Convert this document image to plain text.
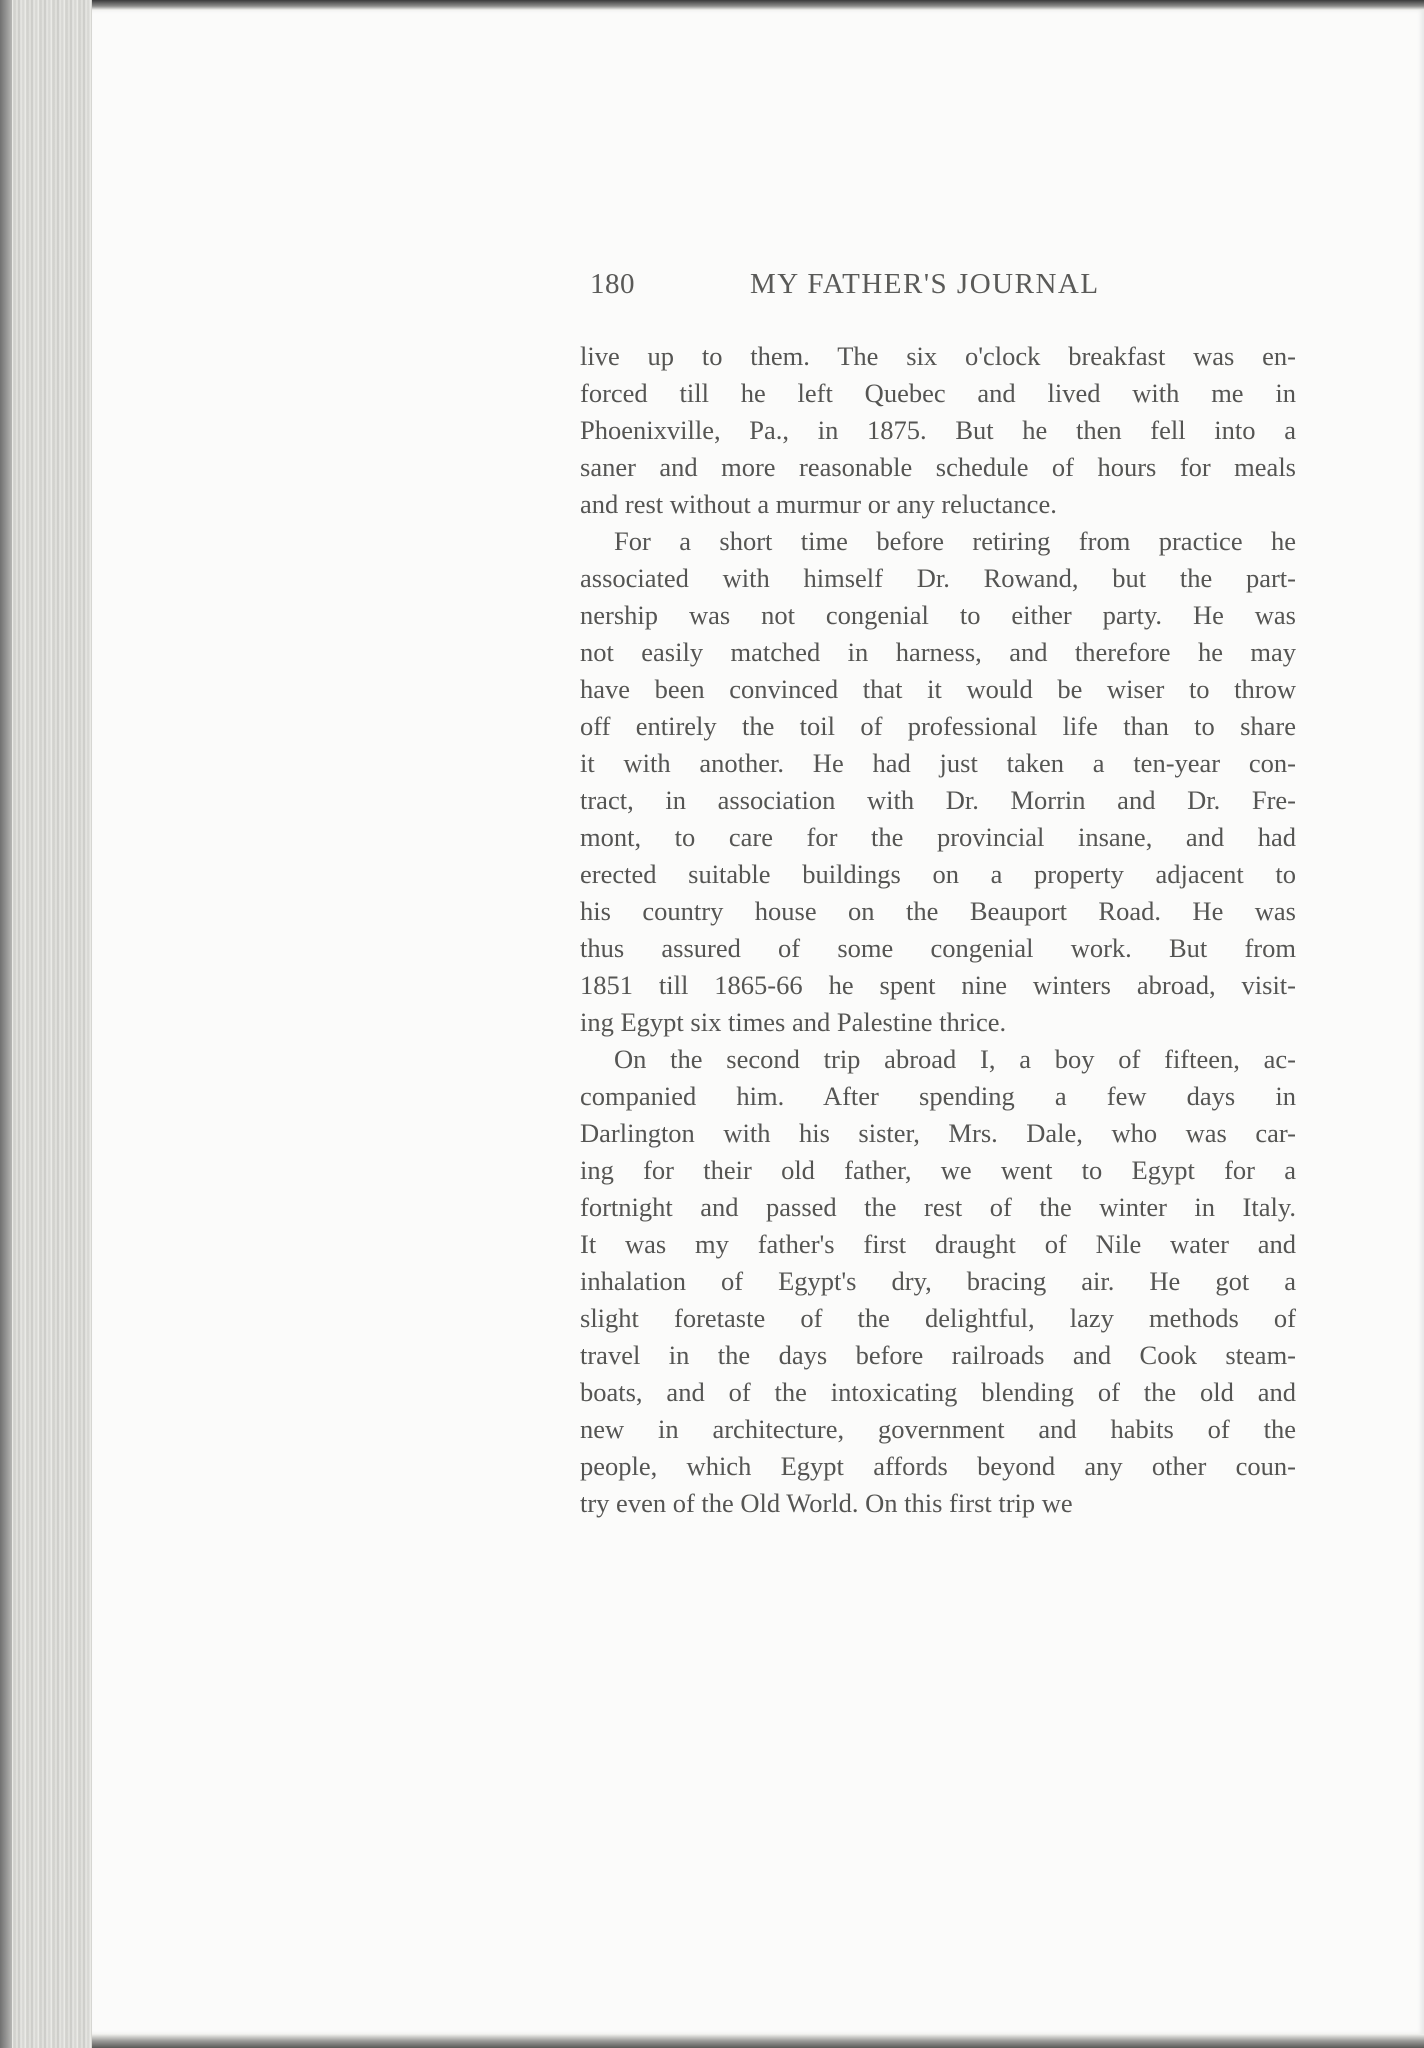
180	MY FATHER'S JOURNAL

live up to them. The six o'clock breakfast was en-
forced till he left Quebec and lived with me in
Phoenixville, Pa., in 1875. But he then fell into a
saner and more reasonable schedule of hours for meals
and rest without a murmur or any reluctance.

For a short time before retiring from practice he
associated with himself Dr. Rowand, but the part-
nership was not congenial to either party. He was
not easily matched in harness, and therefore he may
have been convinced that it would be wiser to throw
off entirely the toil of professional life than to share
it with another. He had just taken a ten-year con-
tract, in association with Dr. Morrin and Dr. Fre-
mont, to care for the provincial insane, and had
erected suitable buildings on a property adjacent to
his country house on the Beauport Road. He was
thus assured of some congenial work. But from
1851 till 1865-66 he spent nine winters abroad, visit-
ing Egypt six times and Palestine thrice.

On the second trip abroad I, a boy of fifteen, ac-
companied him. After spending a few days in
Darlington with his sister, Mrs. Dale, who was car-
ing for their old father, we went to Egypt for a
fortnight and passed the rest of the winter in Italy.
It was my father's first draught of Nile water and
inhalation of Egypt's dry, bracing air. He got a
slight foretaste of the delightful, lazy methods of
travel in the days before railroads and Cook steam-
boats, and of the intoxicating blending of the old and
new in architecture, government and habits of the
people, which Egypt affords beyond any other coun-
try even of the Old World. On this first trip we
